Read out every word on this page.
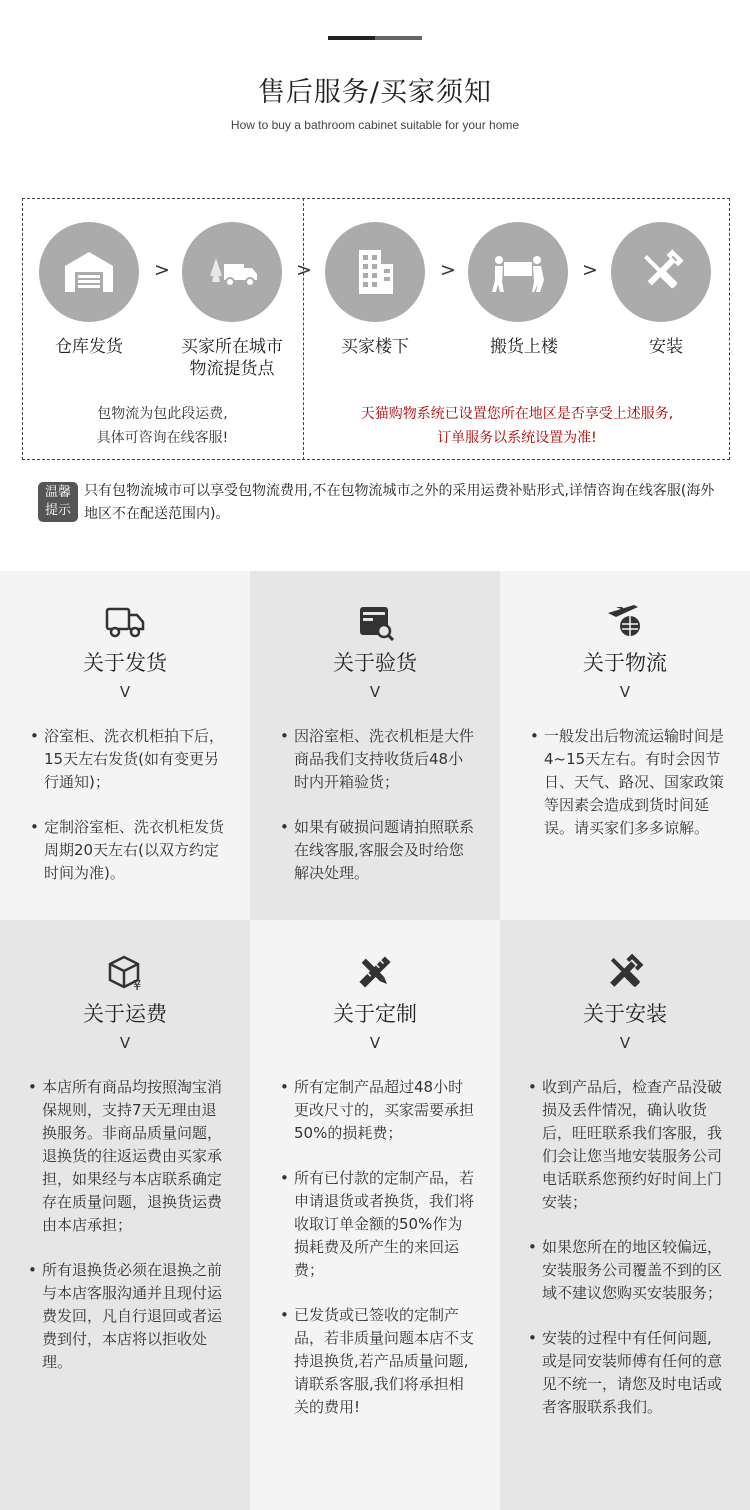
售后服务/买家须知
How to buy a bathroom cabinet suitable for your home
>	>	>	>
仓库发货	买家所在城市
物流提货点
买家楼下	搬货上楼	安装
包物流为包此段运费,
具体可咨询在线客服!
天猫购物系统已设置您所在地区是否享受上述服务,
订单服务以系统设置为准!
温馨
提示
只有包物流城市可以享受包物流费用,不在包物流城市之外的采用运费补贴形式,详情咨询在线客服(海外地区不在配送范围内)。
关于发货
V
• 浴室柜、洗衣机柜拍下后，15天左右发货(如有变更另行通知)；
• 定制浴室柜、洗衣机柜发货周期20天左右(以双方约定时间为准)。
关于验货
V
• 因浴室柜、洗衣机柜是大件商品我们支持收货后48小时内开箱验货；
• 如果有破损问题请拍照联系在线客服,客服会及时给您解决处理。
关于物流
V
• 一般发出后物流运输时间是4~15天左右。有时会因节日、天气、路况、国家政策等因素会造成到货时间延误。请买家们多多谅解。
¥
关于运费
V
• 本店所有商品均按照淘宝消保规则，支持7天无理由退换服务。非商品质量问题，退换货的往返运费由买家承担，如果经与本店联系确定存在质量问题，退换货运费由本店承担；
• 所有退换货必须在退换之前与本店客服沟通并且现付运费发回，凡自行退回或者运费到付，本店将以拒收处理。
关于定制
V
• 所有定制产品超过48小时更改尺寸的，买家需要承担50%的损耗费；
• 所有已付款的定制产品，若申请退货或者换货，我们将收取订单金额的50%作为损耗费及所产生的来回运费；
• 已发货或已签收的定制产品，若非质量问题本店不支持退换货,若产品质量问题,请联系客服,我们将承担相关的费用!
关于安装
V
• 收到产品后，检查产品没破损及丢件情况，确认收货后，旺旺联系我们客服，我们会让您当地安装服务公司电话联系您预约好时间上门安装；
• 如果您所在的地区较偏远，安装服务公司覆盖不到的区域不建议您购买安装服务；
• 安装的过程中有任何问题,或是同安装师傅有任何的意见不统一，请您及时电话或者客服联系我们。
